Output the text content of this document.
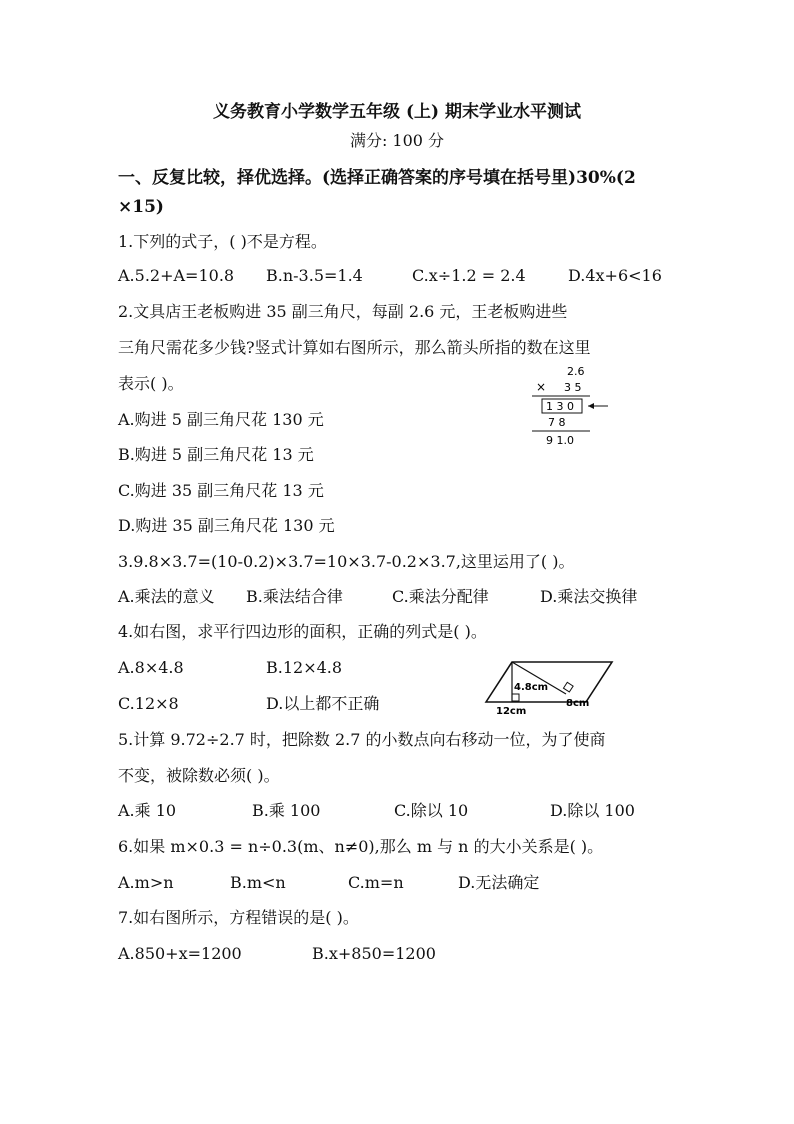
义务教育小学数学五年级 (上) 期末学业水平测试
满分: 100 分
一、反复比较，择优选择。(选择正确答案的序号填在括号里)30%(2
×15)
1.下列的式子，( )不是方程。
A.5.2+A=10.8 B.n-3.5=1.4	C.x÷1.2 = 2.4	D.4x+6<16
2.文具店王老板购进 35 副三角尺，每副 2.6 元，王老板购进些
三角尺需花多少钱?竖式计算如右图所示，那么箭头所指的数在这里
表示( )。
A.购进 5 副三角尺花 130 元
B.购进 5 副三角尺花 13 元
C.购进 35 副三角尺花 13 元
D.购进 35 副三角尺花 130 元
2.6
× 3 5
1 3 0
7 8
9 1.0
3.9.8×3.7=(10-0.2)×3.7=10×3.7-0.2×3.7,这里运用了( )。
A.乘法的意义 B.乘法结合律	C.乘法分配律	D.乘法交换律
4.如右图，求平行四边形的面积，正确的列式是( )。
A.8×4.8	B.12×4.8
C.12×8	D.以上都不正确
4.8cm
8cm
12cm
5.计算 9.72÷2.7 时，把除数 2.7 的小数点向右移动一位，为了使商
不变，被除数必须( )。
A.乘 10	B.乘 100	C.除以 10	D.除以 100
6.如果 m×0.3 = n÷0.3(m、n≠0),那么 m 与 n 的大小关系是( )。
A.m>n	B.m<n	C.m=n	D.无法确定
7.如右图所示，方程错误的是( )。
A.850+x=1200	B.x+850=1200
